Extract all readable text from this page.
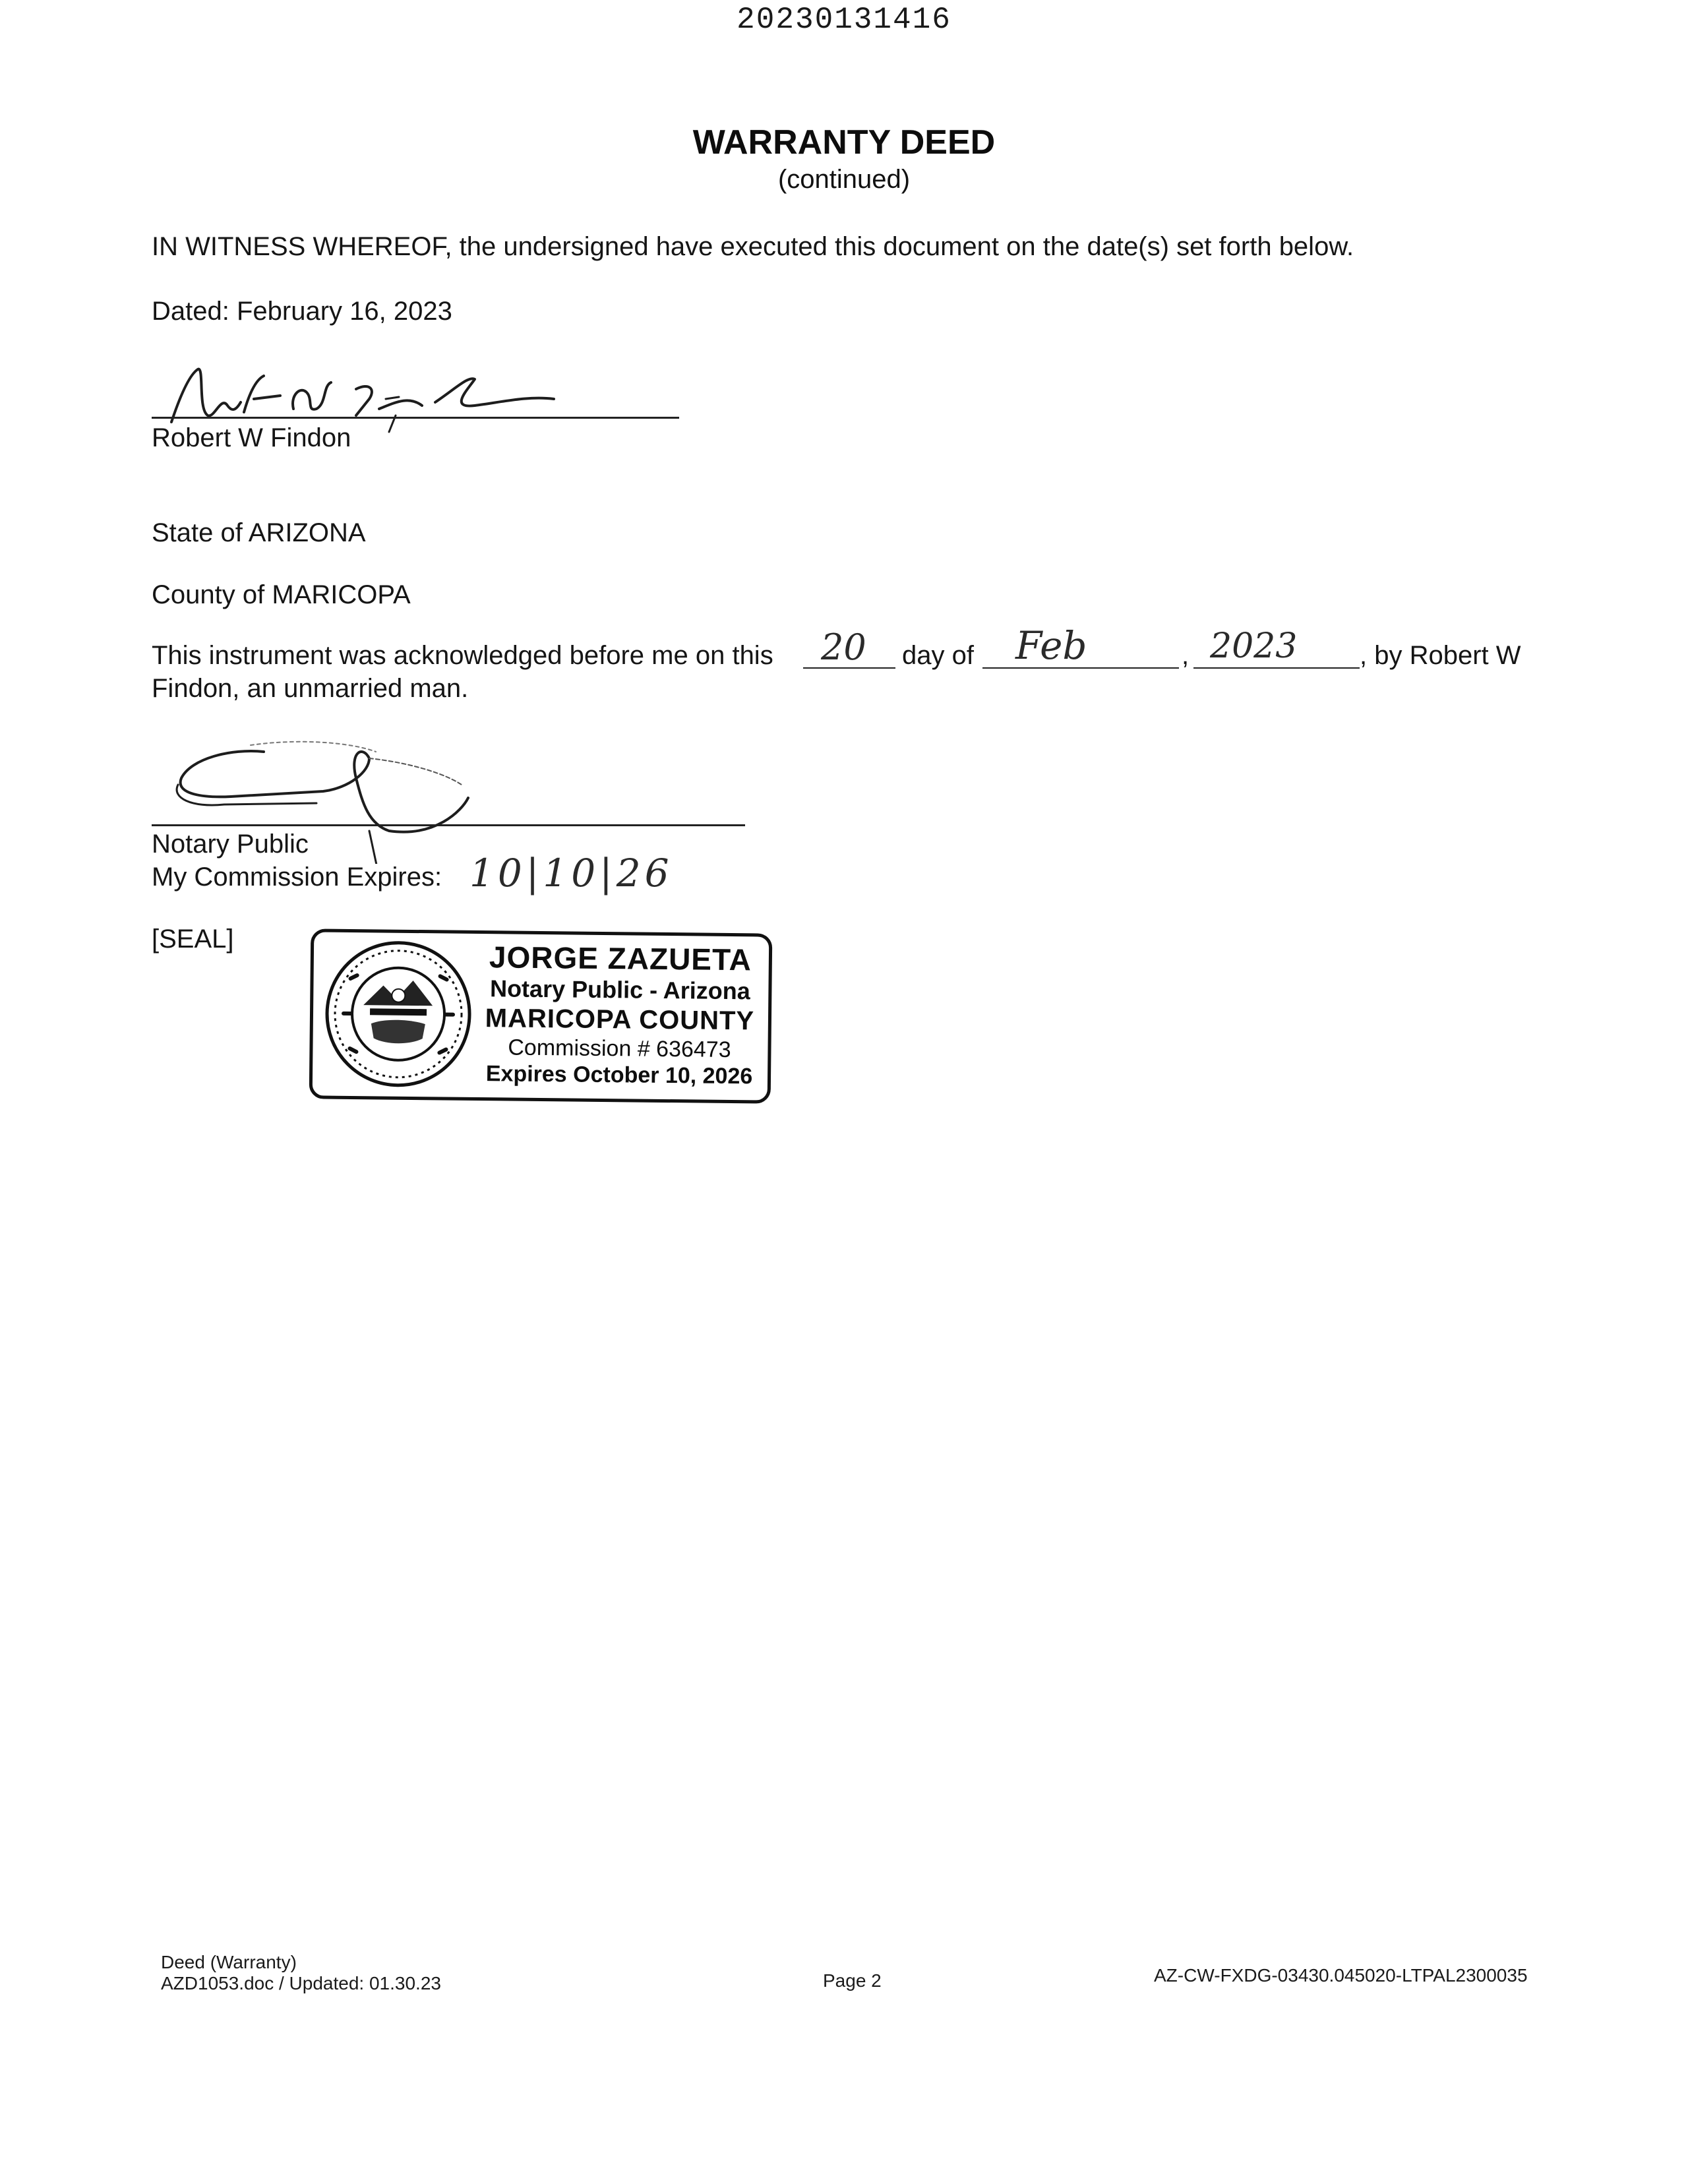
20230131416
WARRANTY DEED
(continued)
IN WITNESS WHEREOF, the undersigned have executed this document on the date(s) set forth below.
Dated: February 16, 2023
Robert W Findon
State of ARIZONA
County of MARICOPA
This instrument was acknowledged before me on this 20 day of Feb	, 2023 , by Robert W
Findon, an unmarried man.
Notary Public
My Commission Expires: 10|10|26
[SEAL]
JORGE ZAZUETA
Notary Public - Arizona
MARICOPA COUNTY
Commission # 636473
Expires October 10, 2026
Deed (Warranty)
AZD1053.doc / Updated: 01.30.23	Page 2	AZ-CW-FXDG-03430.045020-LTPAL2300035
